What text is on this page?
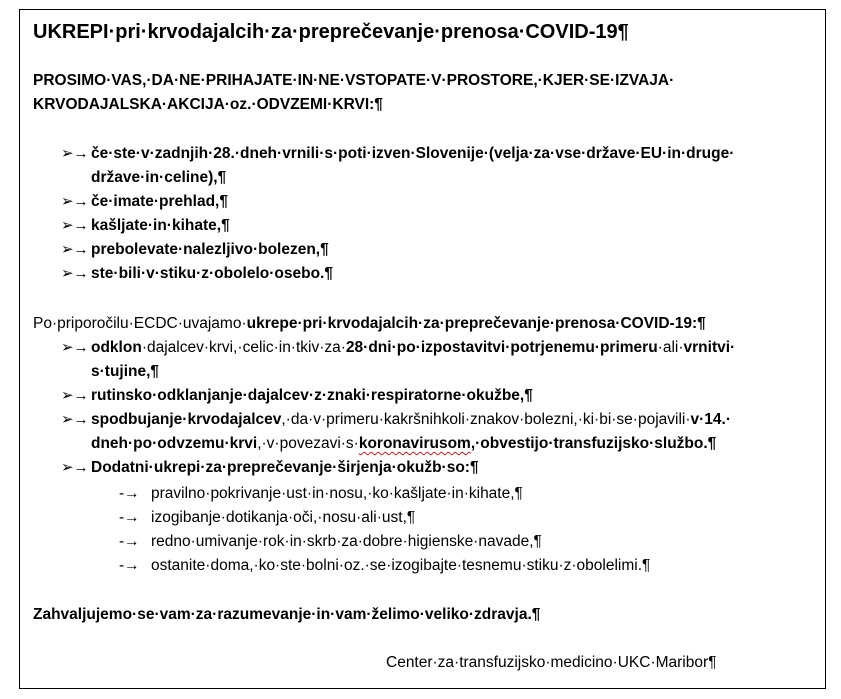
UKREPI·pri·krvodajalcih·za·preprečevanje·prenosa·COVID-19¶
PROSIMO·VAS,·DA·NE·PRIHAJATE·IN·NE·VSTOPATE·V·PROSTORE,·KJER·SE·IZVAJA·
KRVODAJALSKA·AKCIJA·oz.·ODVZEMI·KRVI:¶
➢→ če·ste·v·zadnjih·28.·dneh·vrnili·s·poti·izven·Slovenije·(velja·za·vse·države·EU·in·druge·
države·in·celine),¶
➢→ če·imate·prehlad,¶
➢→ kašljate·in·kihate,¶
➢→ prebolevate·nalezljivo·bolezen,¶
➢→ ste·bili·v·stiku·z·obolelo·osebo.¶
Po·priporočilu·ECDC·uvajamo·ukrepe·pri·krvodajalcih·za·preprečevanje·prenosa·COVID-19:¶
➢→ odklon·dajalcev·krvi,·celic·in·tkiv·za·28·dni·po·izpostavitvi·potrjenemu·primeru·ali·vrnitvi·
s·tujine,¶
➢→ rutinsko·odklanjanje·dajalcev·z·znaki·respiratorne·okužbe,¶
➢→ spodbujanje·krvodajalcev,·da·v·primeru·kakršnihkoli·znakov·bolezni,·ki·bi·se·pojavili·v·14.·
dneh·po·odvzemu·krvi,·v·povezavi·s·koronavirusom,·obvestijo·transfuzijsko·službo.¶
➢→ Dodatni·ukrepi·za·preprečevanje·širjenja·okužb·so:¶
-→ pravilno·pokrivanje·ust·in·nosu,·ko·kašljate·in·kihate,¶
-→ izogibanje·dotikanja·oči,·nosu·ali·ust,¶
-→ redno·umivanje·rok·in·skrb·za·dobre·higienske·navade,¶
-→ ostanite·doma,·ko·ste·bolni·oz.·se·izogibajte·tesnemu·stiku·z·obolelimi.¶
Zahvaljujemo·se·vam·za·razumevanje·in·vam·želimo·veliko·zdravja.¶
Center·za·transfuzijsko·medicino·UKC·Maribor¶
